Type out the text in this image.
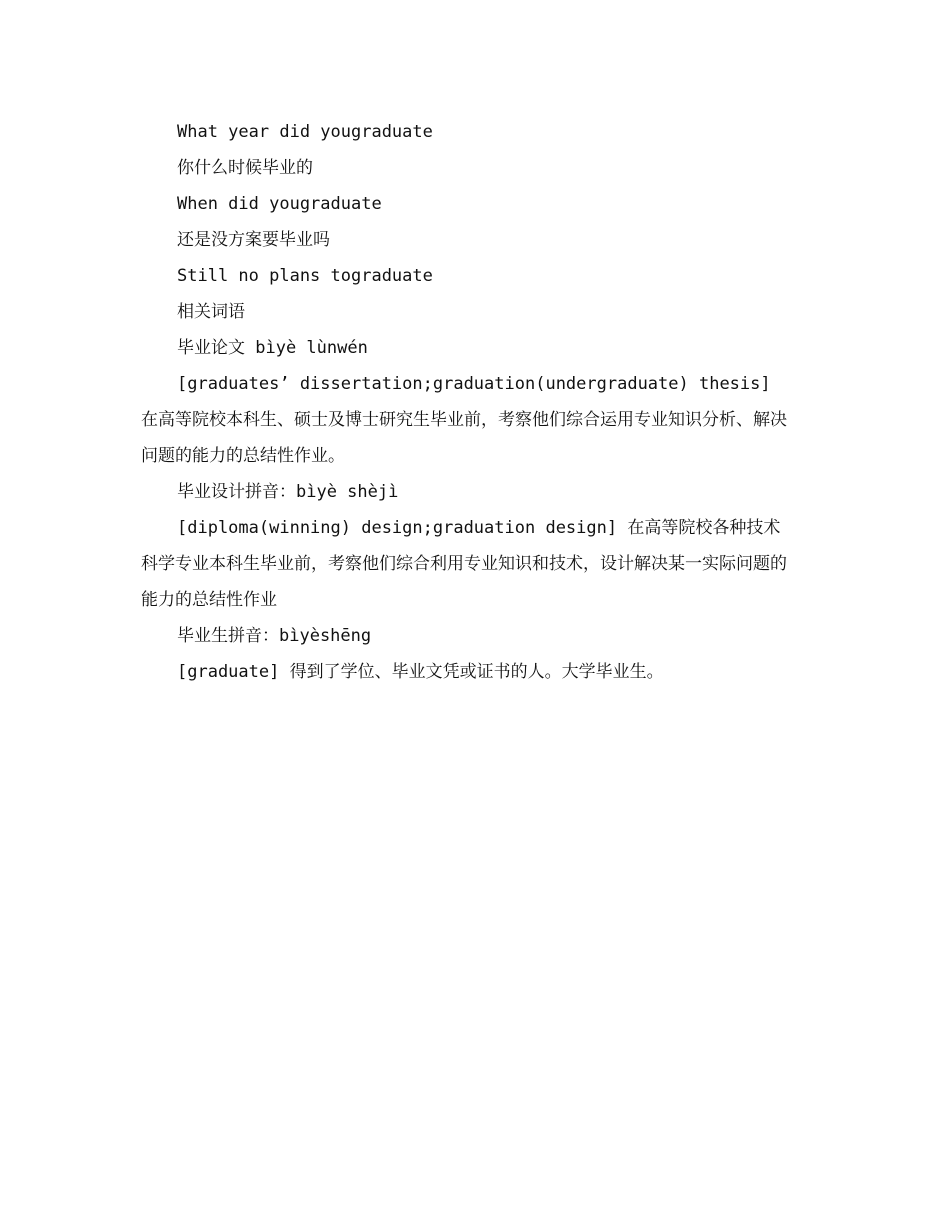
What year did yougraduate

你什么时候毕业的

When did yougraduate

还是没方案要毕业吗

Still no plans tograduate

相关词语

毕业论文 bìyè lùnwén

[graduates’ dissertation;graduation(undergraduate) thesis] 在高等院校本科生、硕士及博士研究生毕业前，考察他们综合运用专业知识分析、解决问题的能力的总结性作业。

毕业设计拼音：bìyè shèjì

[diploma(winning) design;graduation design] 在高等院校各种技术科学专业本科生毕业前，考察他们综合利用专业知识和技术，设计解决某一实际问题的能力的总结性作业

毕业生拼音：bìyèshēng

[graduate] 得到了学位、毕业文凭或证书的人。大学毕业生。
